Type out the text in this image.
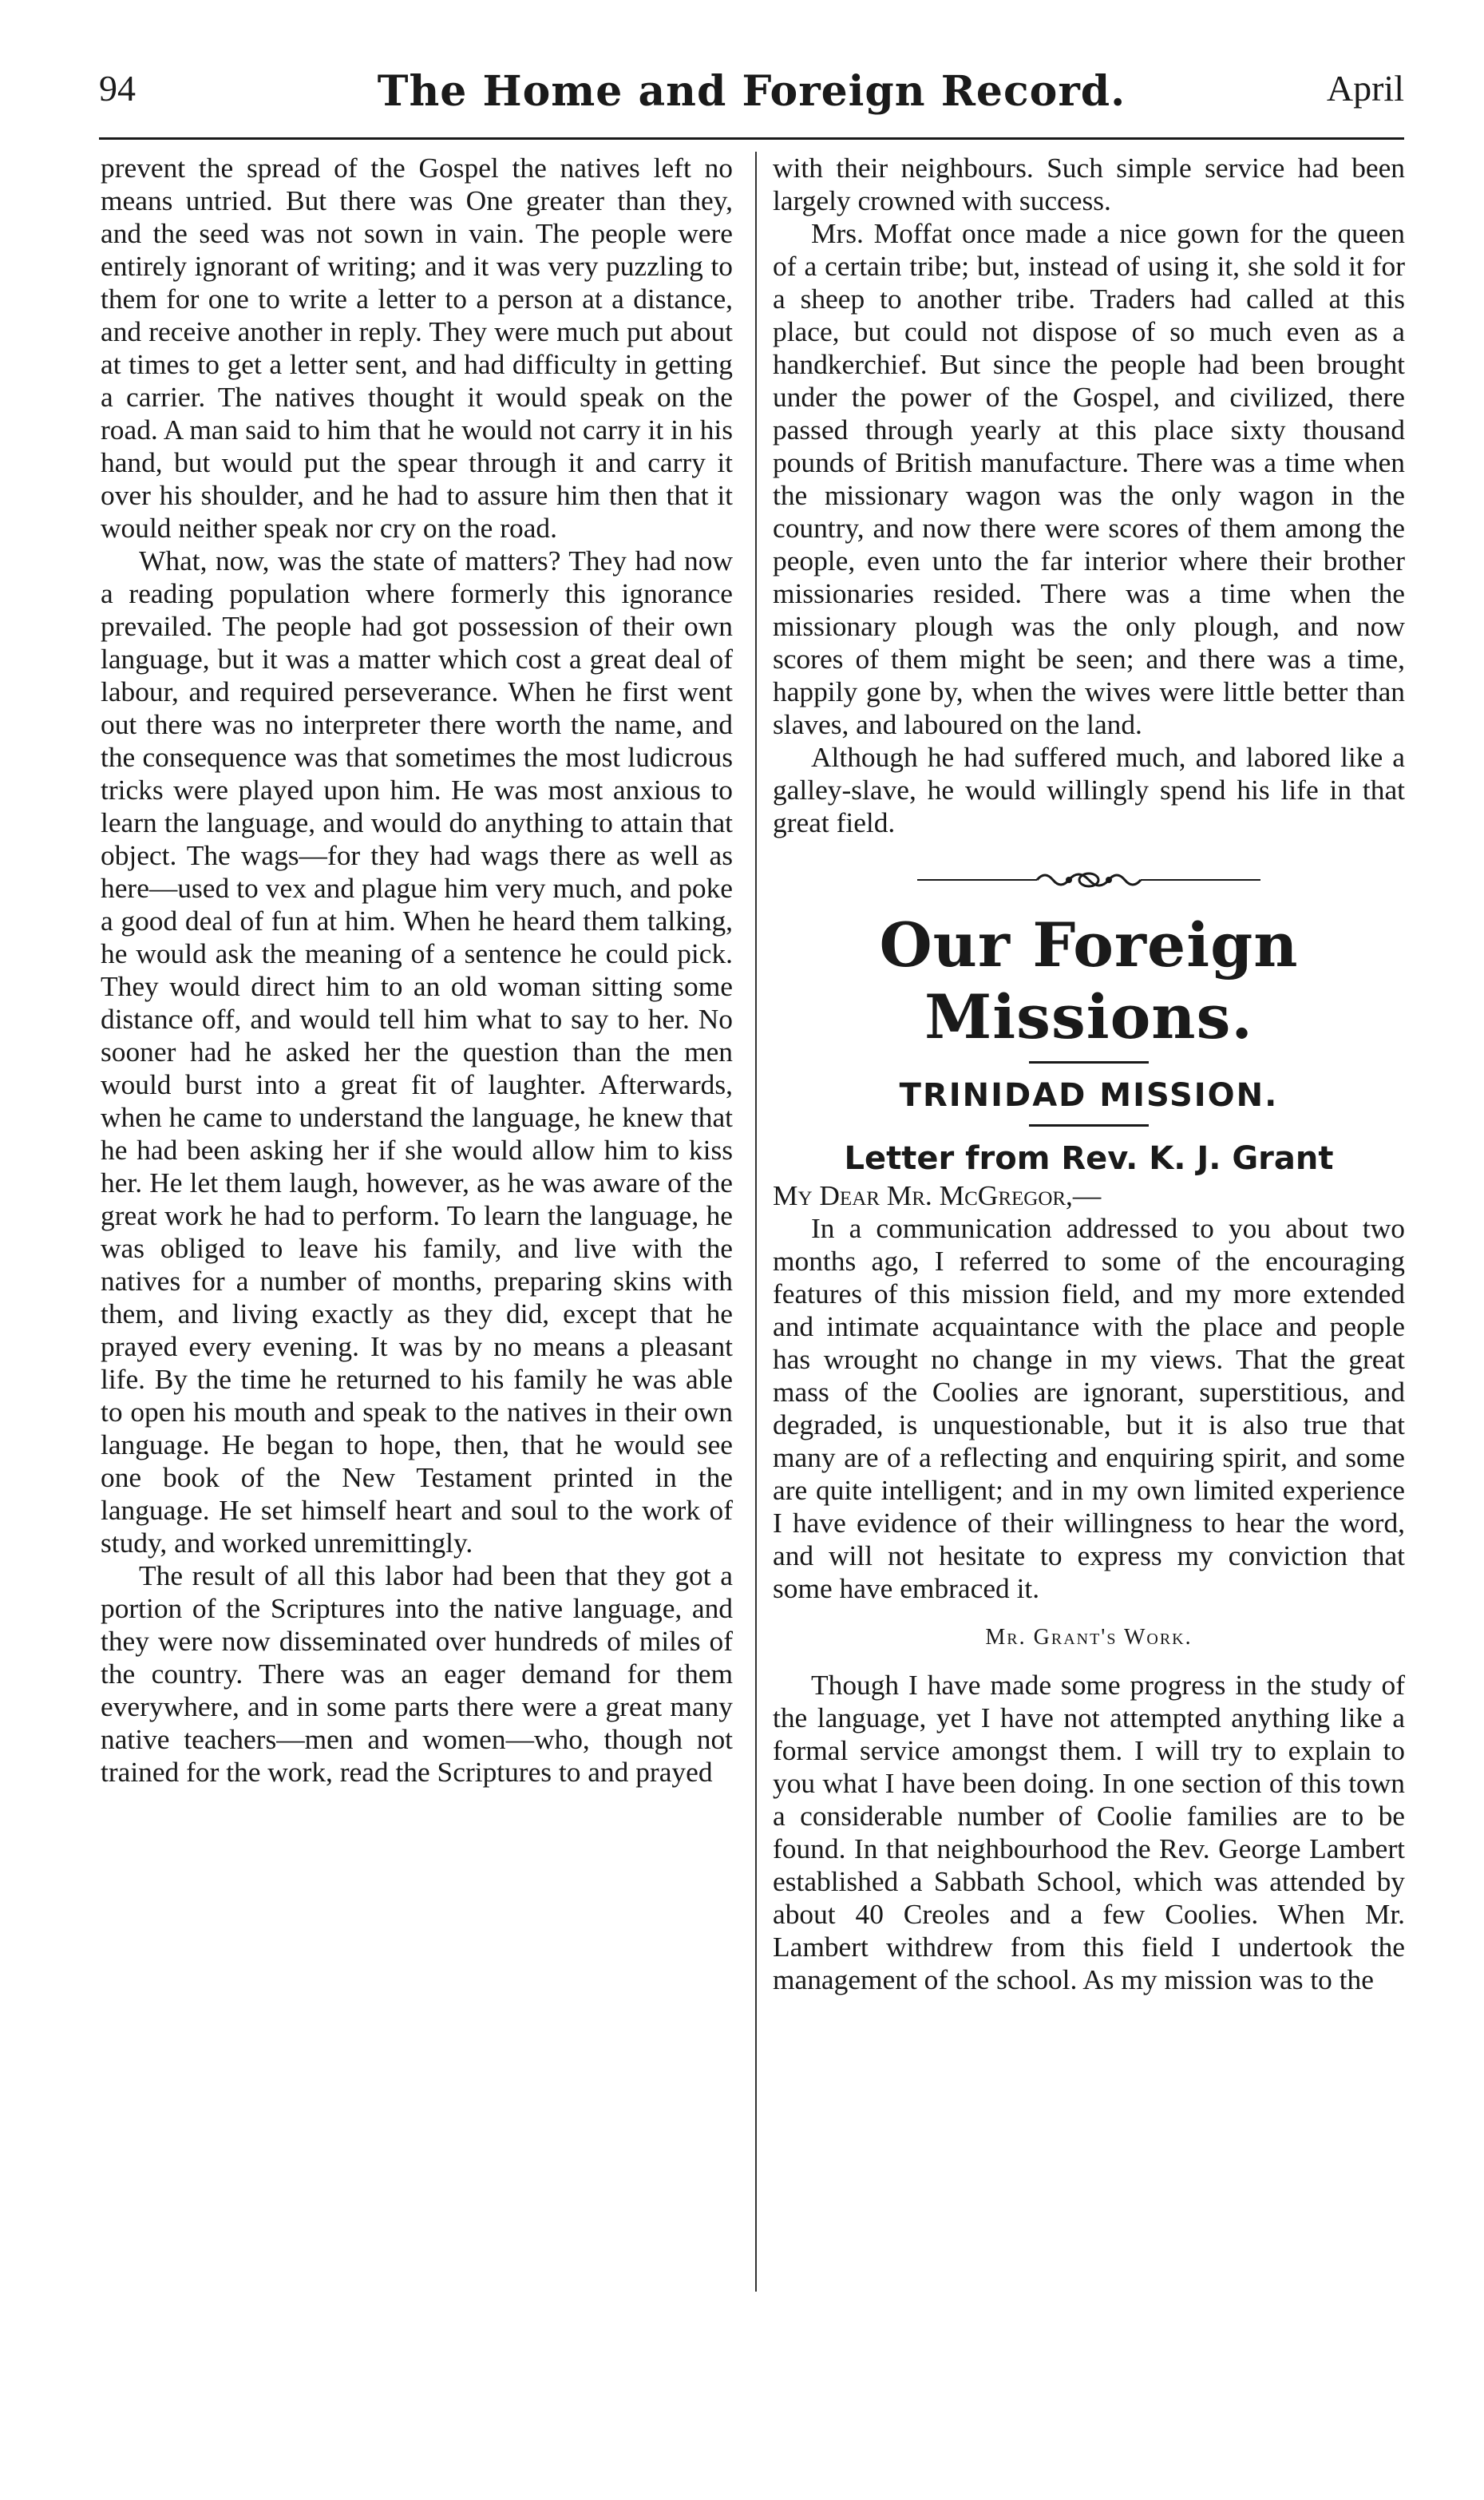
94	The Home and Foreign Record.	April

prevent the spread of the Gospel the natives left no means untried. But there was One greater than they, and the seed was not sown in vain. The people were entirely ignorant of writing; and it was very puzzling to them for one to write a letter to a person at a distance, and receive another in reply. They were much put about at times to get a letter sent, and had difficulty in getting a carrier. The natives thought it would speak on the road. A man said to him that he would not carry it in his hand, but would put the spear through it and carry it over his shoulder, and he had to assure him then that it would neither speak nor cry on the road.

What, now, was the state of matters? They had now a reading population where formerly this ignorance prevailed. The people had got possession of their own language, but it was a matter which cost a great deal of labour, and required perseverance. When he first went out there was no interpreter there worth the name, and the consequence was that sometimes the most ludicrous tricks were played upon him. He was most anxious to learn the language, and would do anything to attain that object. The wags—for they had wags there as well as here—used to vex and plague him very much, and poke a good deal of fun at him. When he heard them talking, he would ask the meaning of a sentence he could pick. They would direct him to an old woman sitting some distance off, and would tell him what to say to her. No sooner had he asked her the question than the men would burst into a great fit of laughter. Afterwards, when he came to understand the language, he knew that he had been asking her if she would allow him to kiss her. He let them laugh, however, as he was aware of the great work he had to perform. To learn the language, he was obliged to leave his family, and live with the natives for a number of months, preparing skins with them, and living exactly as they did, except that he prayed every evening. It was by no means a pleasant life. By the time he returned to his family he was able to open his mouth and speak to the natives in their own language. He began to hope, then, that he would see one book of the New Testament printed in the language. He set himself heart and soul to the work of study, and worked unremittingly.

The result of all this labor had been that they got a portion of the Scriptures into the native language, and they were now disseminated over hundreds of miles of the country. There was an eager demand for them everywhere, and in some parts there were a great many native teachers—men and women—who, though not trained for the work, read the Scriptures to and prayed

with their neighbours. Such simple service had been largely crowned with success.

Mrs. Moffat once made a nice gown for the queen of a certain tribe; but, instead of using it, she sold it for a sheep to another tribe. Traders had called at this place, but could not dispose of so much even as a handkerchief. But since the people had been brought under the power of the Gospel, and civilized, there passed through yearly at this place sixty thousand pounds of British manufacture. There was a time when the missionary wagon was the only wagon in the country, and now there were scores of them among the people, even unto the far interior where their brother missionaries resided. There was a time when the missionary plough was the only plough, and now scores of them might be seen; and there was a time, happily gone by, when the wives were little better than slaves, and laboured on the land.

Although he had suffered much, and labored like a galley-slave, he would willingly spend his life in that great field.

Our Foreign Missions.
TRINIDAD MISSION.
Letter from Rev. K. J. Grant

My Dear Mr. McGregor,—

In a communication addressed to you about two months ago, I referred to some of the encouraging features of this mission field, and my more extended and intimate acquaintance with the place and people has wrought no change in my views. That the great mass of the Coolies are ignorant, superstitious, and degraded, is unquestionable, but it is also true that many are of a reflecting and enquiring spirit, and some are quite intelligent; and in my own limited experience I have evidence of their willingness to hear the word, and will not hesitate to express my conviction that some have embraced it.

Mr. Grant's Work.

Though I have made some progress in the study of the language, yet I have not attempted anything like a formal service amongst them. I will try to explain to you what I have been doing. In one section of this town a considerable number of Coolie families are to be found. In that neighbourhood the Rev. George Lambert established a Sabbath School, which was attended by about 40 Creoles and a few Coolies. When Mr. Lambert withdrew from this field I undertook the management of the school. As my mission was to the
